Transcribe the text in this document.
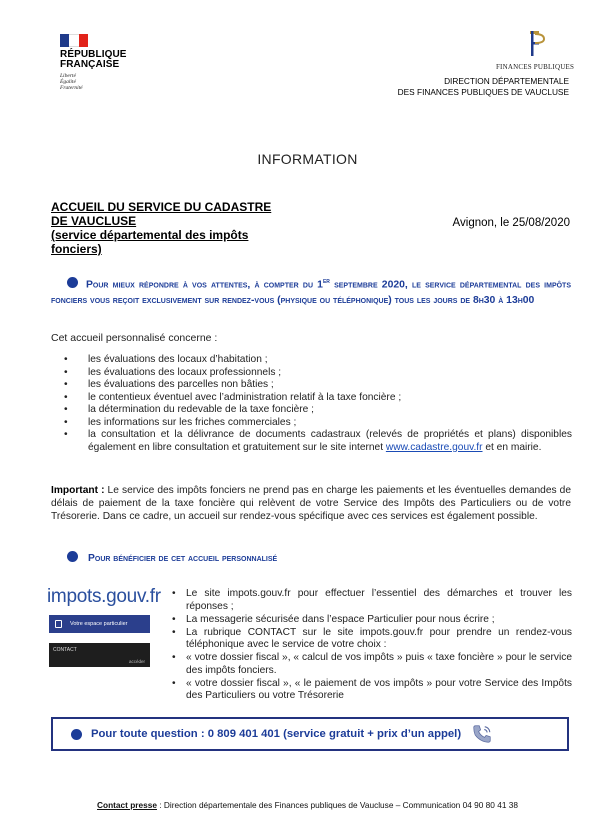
RÉPUBLIQUE
FRANÇAISE
Liberté
Égalité
Fraternité
FINANCES PUBLIQUES
DIRECTION DÉPARTEMENTALE
DES FINANCES PUBLIQUES DE VAUCLUSE
INFORMATION
ACCUEIL DU SERVICE DU CADASTRE
DE VAUCLUSE
(service départemental des impôts
fonciers)
Avignon, le 25/08/2020
Pour mieux répondre à vos attentes, à compter du 1er septembre 2020, le service départemental des impôts fonciers vous reçoit exclusivement sur rendez-vous (physique ou téléphonique) tous les jours de 8h30 à 13h00
Cet accueil personnalisé concerne :
• les évaluations des locaux d’habitation ;
• les évaluations des locaux professionnels ;
• les évaluations des parcelles non bâties ;
• le contentieux éventuel avec l’administration relatif à la taxe foncière ;
• la détermination du redevable de la taxe foncière ;
• les informations sur les friches commerciales ;
• la consultation et la délivrance de documents cadastraux (relevés de propriétés et plans) disponibles également en libre consultation et gratuitement sur le site internet www.cadastre.gouv.fr et en mairie.
Important : Le service des impôts fonciers ne prend pas en charge les paiements et les éventuelles demandes de délais de paiement de la taxe foncière qui relèvent de votre Service des Impôts des Particuliers ou de votre Trésorerie. Dans ce cadre, un accueil sur rendez-vous spécifique avec ces services est également possible.
Pour bénéficier de cet accueil personnalisé
impots.gouv.fr
Votre espace particulier
CONTACT
accéder
• Le site impots.gouv.fr pour effectuer l’essentiel des démarches et trouver les réponses ;
• La messagerie sécurisée dans l’espace Particulier pour nous écrire ;
• La rubrique CONTACT sur le site impots.gouv.fr pour prendre un rendez-vous téléphonique avec le service de votre choix :
• « votre dossier fiscal », « calcul de vos impôts » puis « taxe foncière » pour le service des impôts fonciers.
• « votre dossier fiscal », « le paiement de vos impôts » pour votre Service des Impôts des Particuliers ou votre Trésorerie
Pour toute question : 0 809 401 401 (service gratuit + prix d’un appel)
Contact presse : Direction départementale des Finances publiques de Vaucluse – Communication 04 90 80 41 38
